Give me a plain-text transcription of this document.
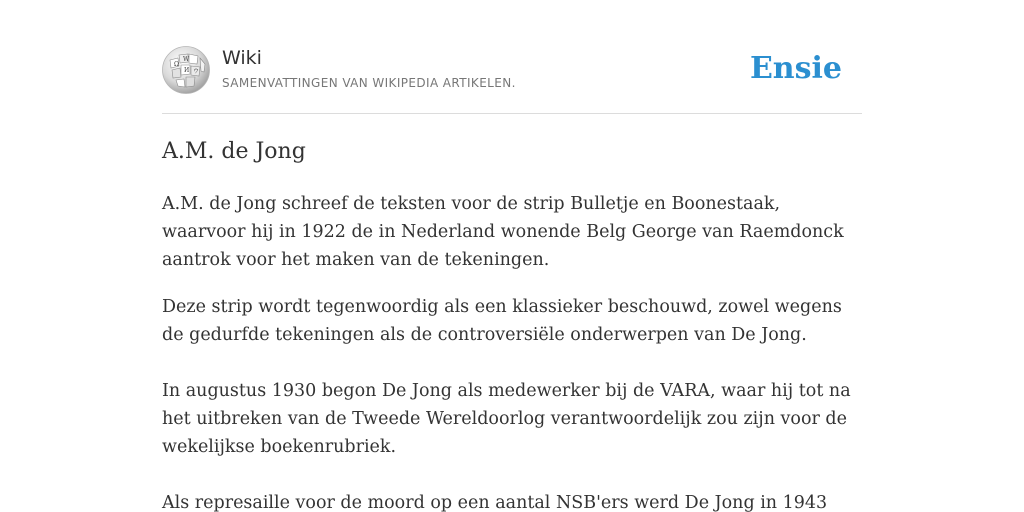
Ω
W
И ウ
Wiki
SAMENVATTINGEN VAN WIKIPEDIA ARTIKELEN.	Ensie
A.M. de Jong

A.M. de Jong schreef de teksten voor de strip Bulletje en Boonestaak, waarvoor hij in 1922 de in Nederland wonende Belg George van Raemdonck aantrok voor het maken van de tekeningen.

Deze strip wordt tegenwoordig als een klassieker beschouwd, zowel wegens de gedurfde tekeningen als de controversiële onderwerpen van De Jong.

In augustus 1930 begon De Jong als medewerker bij de VARA, waar hij tot na het uitbreken van de Tweede Wereldoorlog verantwoordelijk zou zijn voor de wekelijkse boekenrubriek.

Als represaille voor de moord op een aantal NSB'ers werd De Jong in 1943
